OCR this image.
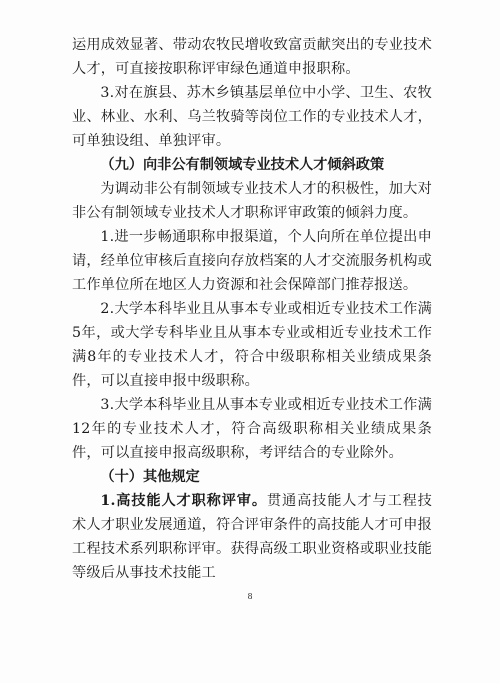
运用成效显著、带动农牧民增收致富贡献突出的专业技术人才，可直接按职称评审绿色通道申报职称。

3.对在旗县、苏木乡镇基层单位中小学、卫生、农牧业、林业、水利、乌兰牧骑等岗位工作的专业技术人才，可单独设组、单独评审。

（九）向非公有制领域专业技术人才倾斜政策

为调动非公有制领域专业技术人才的积极性，加大对非公有制领域专业技术人才职称评审政策的倾斜力度。

1.进一步畅通职称申报渠道，个人向所在单位提出申请，经单位审核后直接向存放档案的人才交流服务机构或工作单位所在地区人力资源和社会保障部门推荐报送。

2.大学本科毕业且从事本专业或相近专业技术工作满5年，或大学专科毕业且从事本专业或相近专业技术工作满8年的专业技术人才，符合中级职称相关业绩成果条件，可以直接申报中级职称。

3.大学本科毕业且从事本专业或相近专业技术工作满12年的专业技术人才，符合高级职称相关业绩成果条件，可以直接申报高级职称，考评结合的专业除外。

（十）其他规定

1.高技能人才职称评审。贯通高技能人才与工程技术人才职业发展通道，符合评审条件的高技能人才可申报工程技术系列职称评审。获得高级工职业资格或职业技能等级后从事技术技能工

8
